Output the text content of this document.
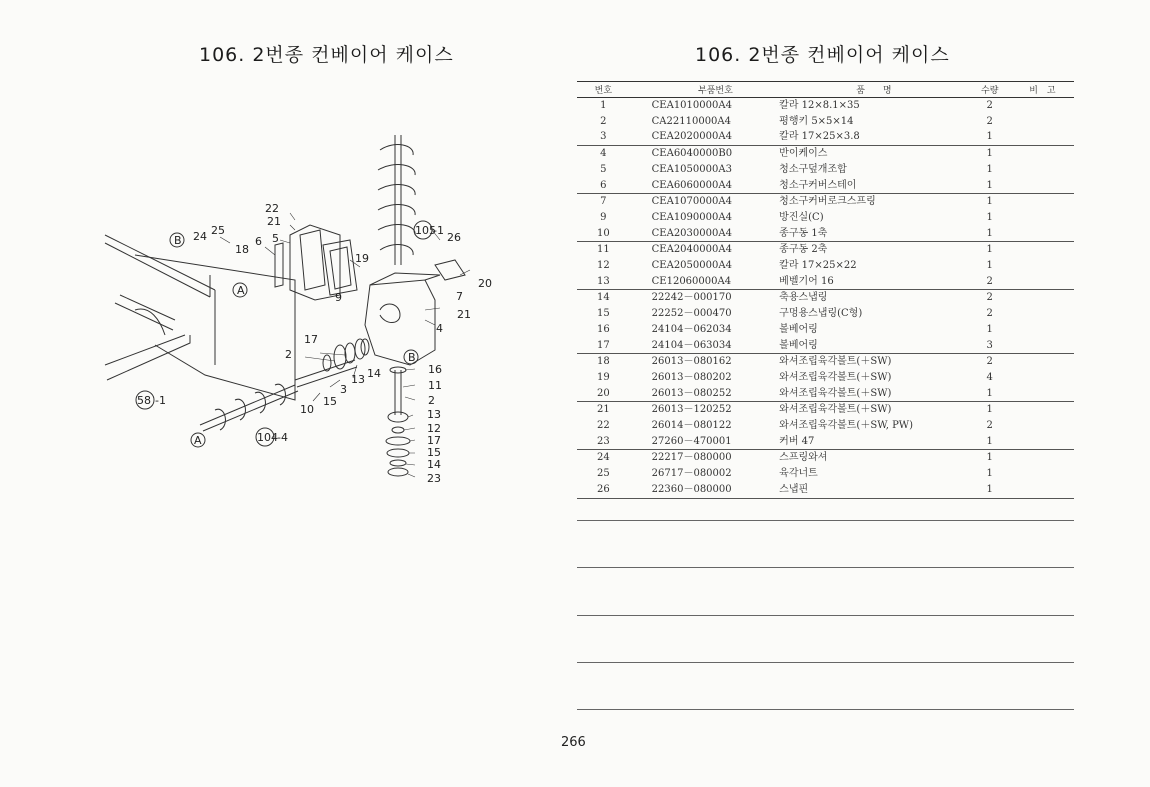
106. 2번종 컨베이어 케이스	106. 2번종 컨베이어 케이스
22
21
24 25
B
18
6 5
19
105
-1
26
20
A
9	7
21
4
17
2	B
16
11
13 14
3
2
13
15
10
12
17
15
14
23
58 -1
A	104 -4
번호	부품번호	품　　명	수량	비　고
1	CEA1010000A4	칼라 12×8.1×35	2	
2	CA22110000A4	평행키 5×5×14	2	
3	CEA2020000A4	칼라 17×25×3.8	1	
4	CEA6040000B0	반이케이스	1	
5	CEA1050000A3	청소구덮개조합	1	
6	CEA6060000A4	청소구커버스테이	1	
7	CEA1070000A4	청소구커버로크스프링	1	
9	CEA1090000A4	방진실(C)	1	
10	CEA2030000A4	종구동 1축	1	
11	CEA2040000A4	종구동 2축	1	
12	CEA2050000A4	칼라 17×25×22	1	
13	CE12060000A4	베벨기어 16	2	
14	22242－000170	축용스냅링	2	
15	22252－000470	구멍용스냅링(C형)	2	
16	24104－062034	볼베어링	1	
17	24104－063034	볼베어링	3	
18	26013－080162	와셔조립육각볼트(＋SW)	2	
19	26013－080202	와셔조립육각볼트(＋SW)	4	
20	26013－080252	와셔조립육각볼트(＋SW)	1	
21	26013－120252	와셔조립육각볼트(＋SW)	1	
22	26014－080122	와셔조립육각볼트(＋SW, PW)	2	
23	27260－470001	커버 47	1	
24	22217－080000	스프링와셔	1	
25	26717－080002	육각너트	1	
26	22360－080000	스냅핀	1	
266
